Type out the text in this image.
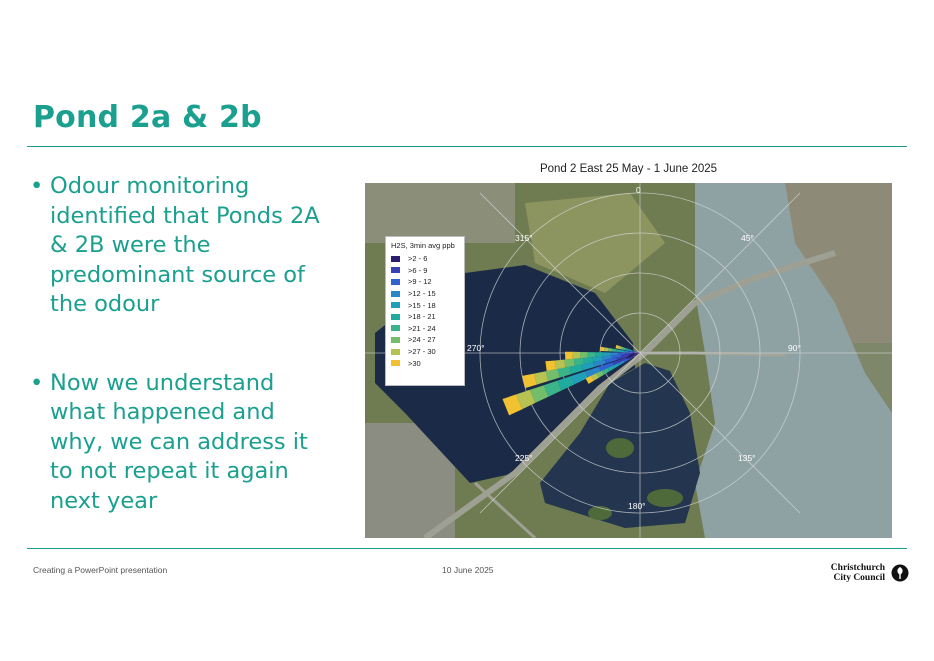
Pond 2a & 2b
• Odour monitoring identified that Ponds 2A & 2B were the predominant source of the odour
• Now we understand what happened and why, we can address it to not repeat it again next year
Pond 2 East 25 May - 1 June 2025
0
45°
90°
135°
180°
225°
270°
315°
H2S, 3min avg ppb
>2 - 6
>6 - 9
>9 - 12
>12 - 15
>15 - 18
>18 - 21
>21 - 24
>24 - 27
>27 - 30
>30
Creating a PowerPoint presentation	10 June 2025	Christchurch
City Council
